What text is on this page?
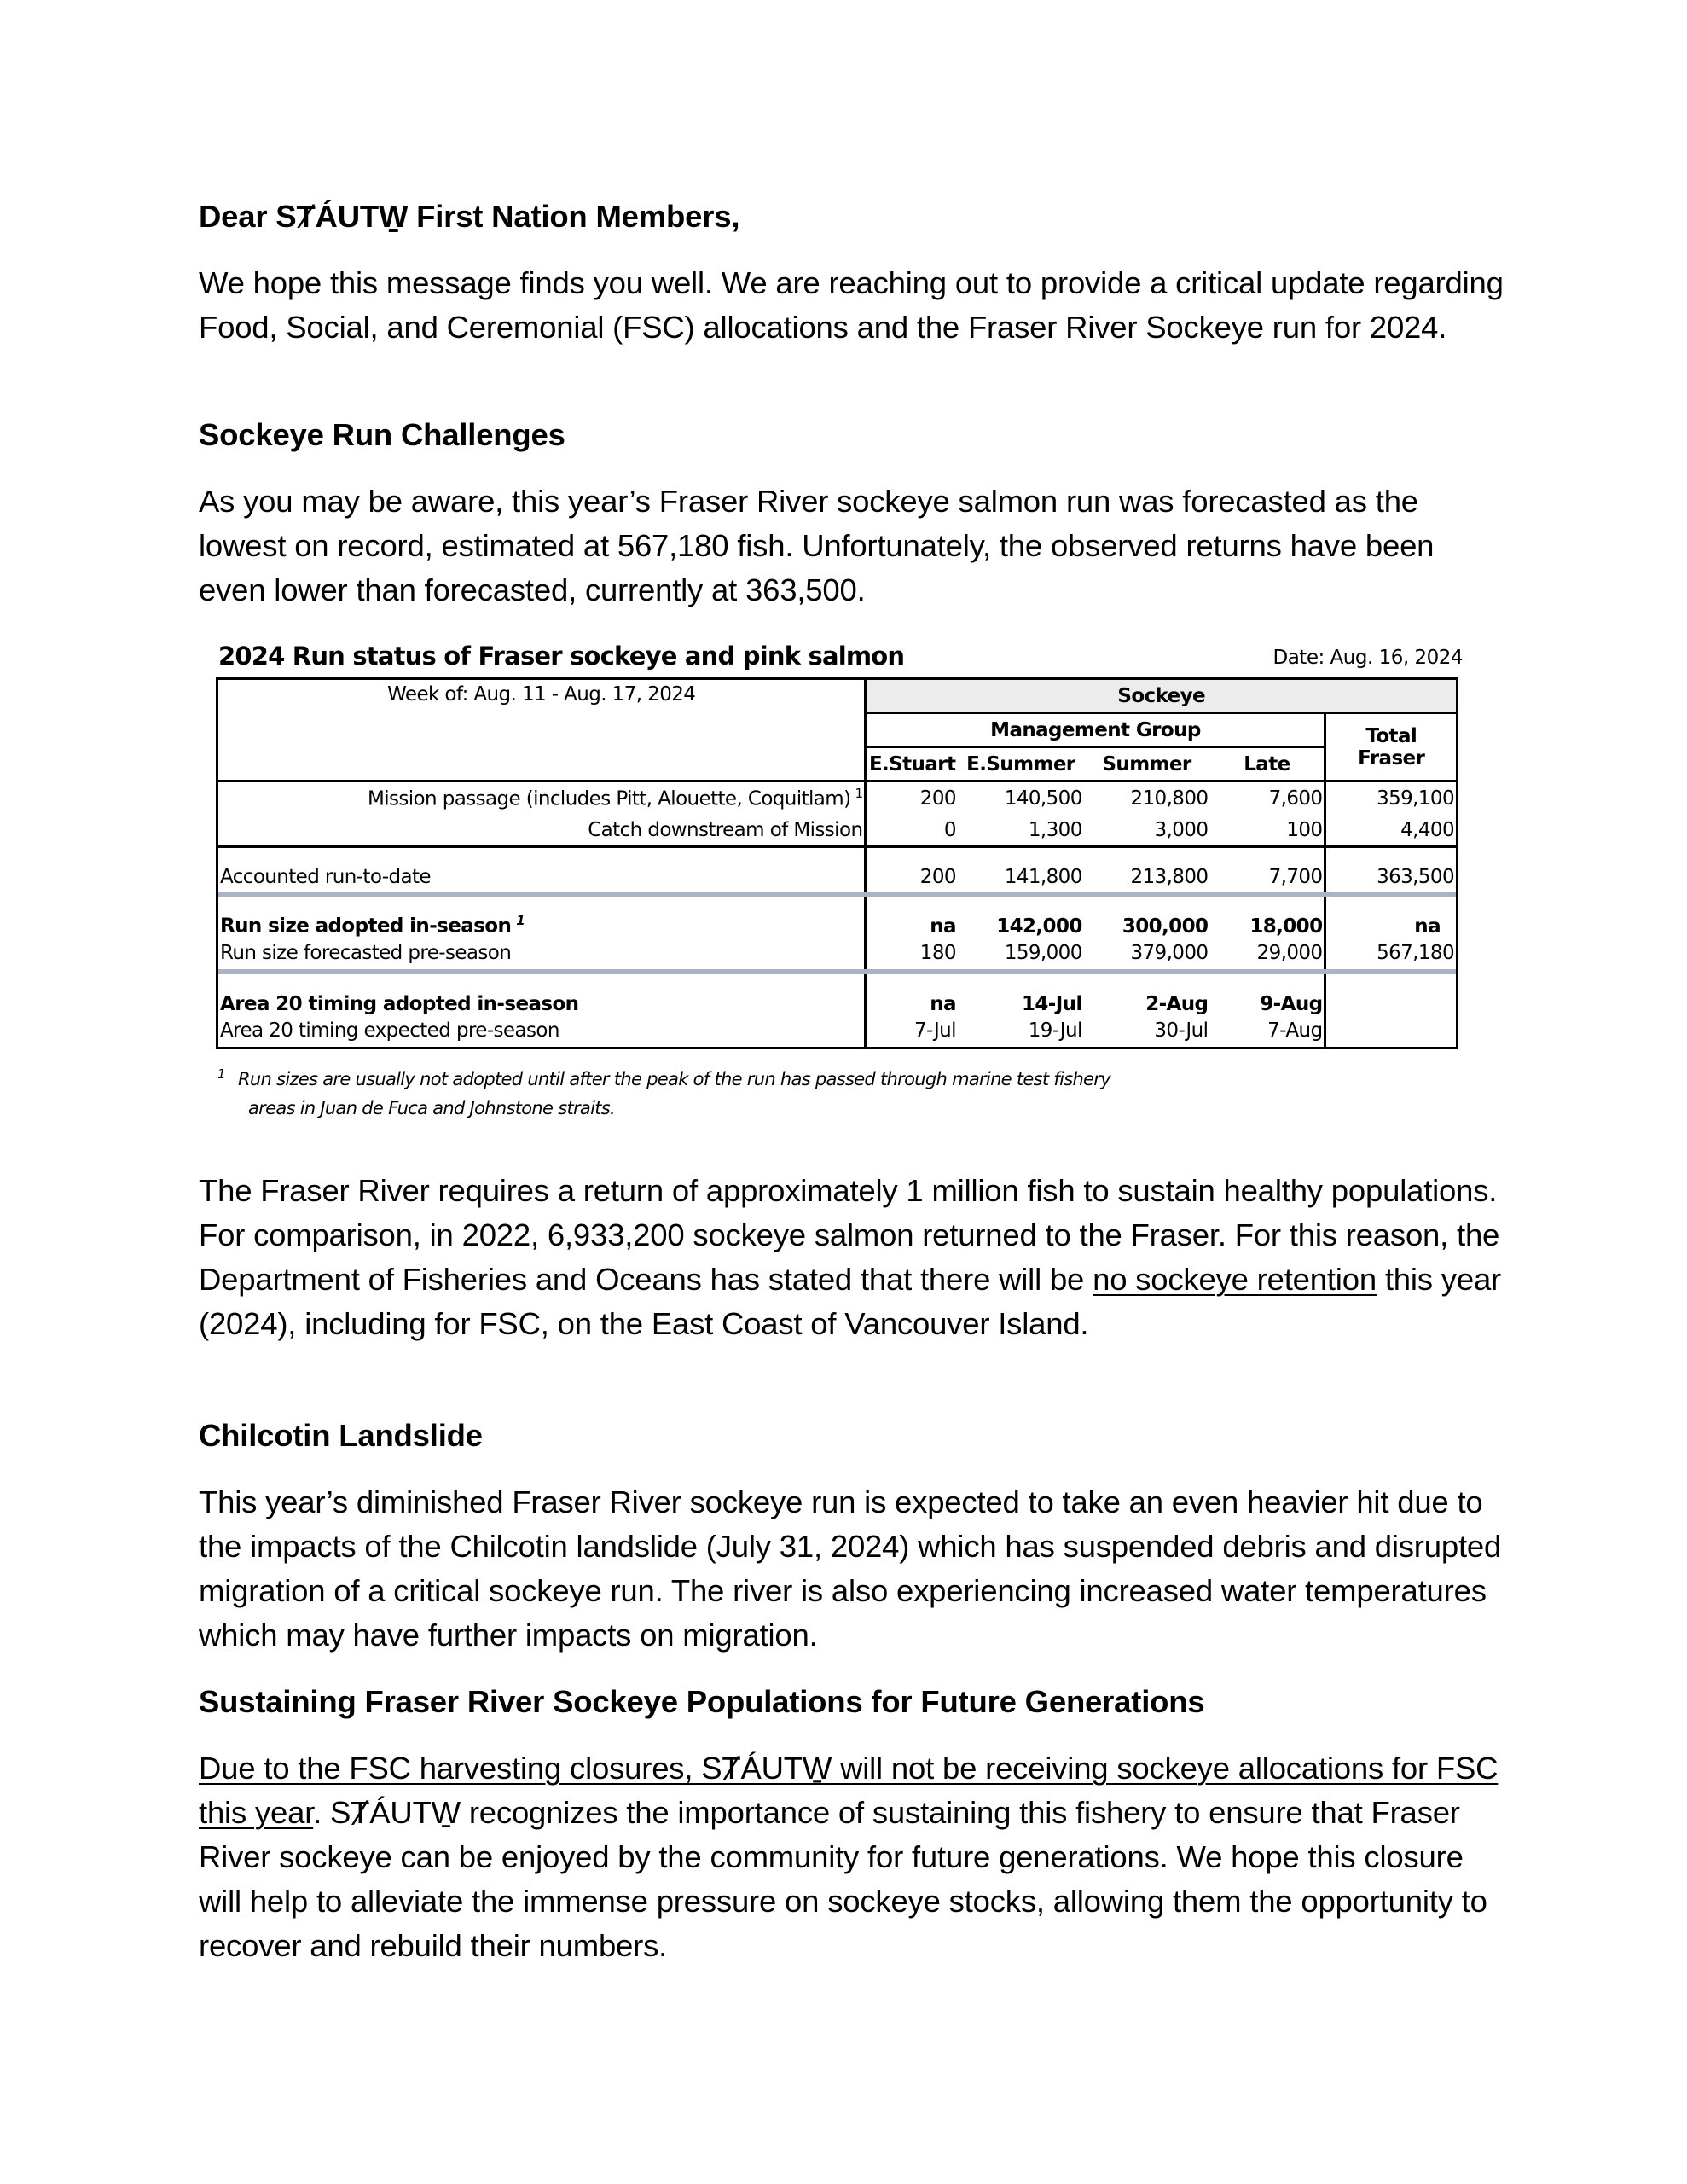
Dear SȾÁUTW̱ First Nation Members,

We hope this message finds you well. We are reaching out to provide a critical update regarding Food, Social, and Ceremonial (FSC) allocations and the Fraser River Sockeye run for 2024.

Sockeye Run Challenges

As you may be aware, this year’s Fraser River sockeye salmon run was forecasted as the lowest on record, estimated at 567,180 fish. Unfortunately, the observed returns have been even lower than forecasted, currently at 363,500.

The Fraser River requires a return of approximately 1 million fish to sustain healthy populations. For comparison, in 2022, 6,933,200 sockeye salmon returned to the Fraser. For this reason, the Department of Fisheries and Oceans has stated that there will be no sockeye retention this year (2024), including for FSC, on the East Coast of Vancouver Island.

Chilcotin Landslide

This year’s diminished Fraser River sockeye run is expected to take an even heavier hit due to the impacts of the Chilcotin landslide (July 31, 2024) which has suspended debris and disrupted migration of a critical sockeye run. The river is also experiencing increased water temperatures which may have further impacts on migration.

Sustaining Fraser River Sockeye Populations for Future Generations

Due to the FSC harvesting closures, SȾÁUTW̱ will not be receiving sockeye allocations for FSC this year. SȾÁUTW̱ recognizes the importance of sustaining this fishery to ensure that Fraser River sockeye can be enjoyed by the community for future generations. We hope this closure will help to alleviate the immense pressure on sockeye stocks, allowing them the opportunity to recover and rebuild their numbers.

2024 Run status of Fraser sockeye and pink salmon	Date: Aug. 16, 2024
Week of: Aug. 11 - Aug. 17, 2024	Sockeye				
	Management Group				Total
	E.Stuart	E.Summer	Summer	Late	Fraser
Mission passage (includes Pitt, Alouette, Coquitlam) $^1$	200	140,500	210,800	7,600	359,100
Catch downstream of Mission	0	1,300	3,000	100	4,400
Accounted run-to-date	200	141,800	213,800	7,700	363,500

Run size adopted in-season $^1$	na	142,000	300,000	18,000	na
Run size forecasted pre-season	180	159,000	379,000	29,000	567,180

Area 20 timing adopted in-season	na	14-Jul	2-Aug	9-Aug	
Area 20 timing expected pre-season	7-Jul	19-Jul	30-Jul	7-Aug	
1 Run sizes are usually not adopted until after the peak of the run has passed through marine test fishery
areas in Juan de Fuca and Johnstone straits.
